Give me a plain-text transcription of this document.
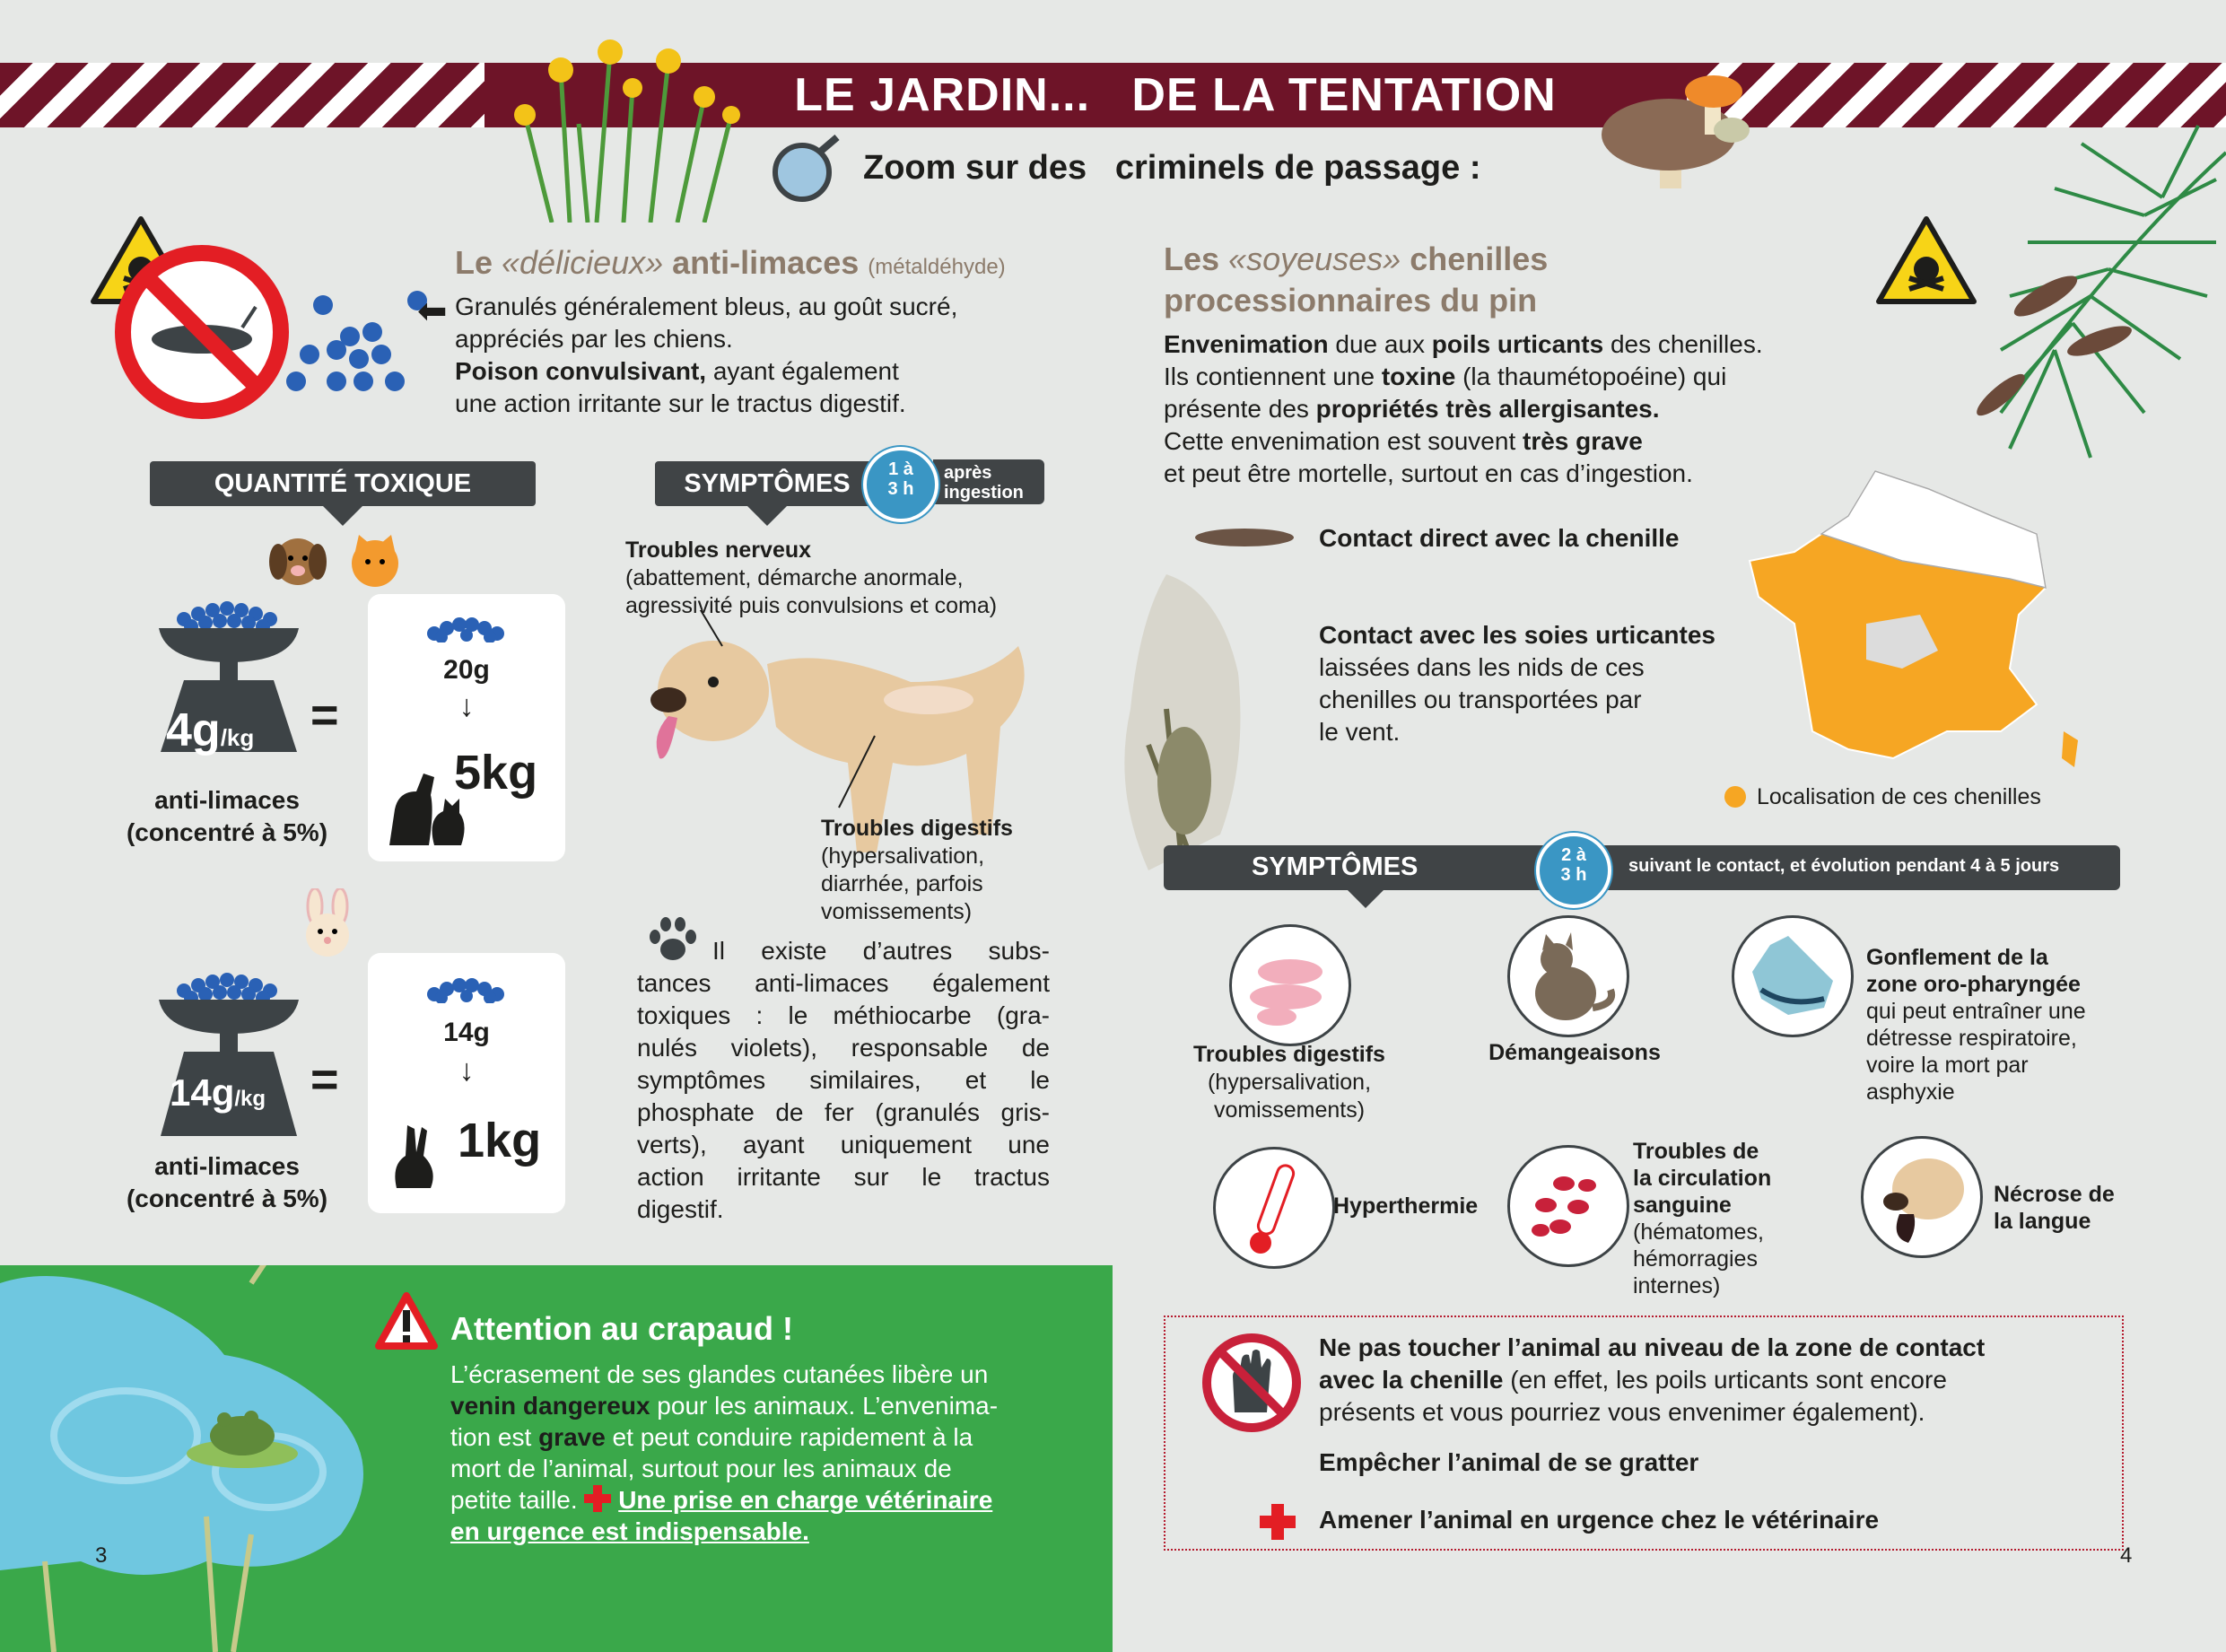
LE JARDIN...   DE LA TENTATION
Zoom sur des criminels de passage :
⬅
Le «délicieux» anti-limaces (métaldéhyde)
Granulés généralement bleus, au goût sucré,
appréciés par les chiens.
Poison convulsivant, ayant également
une action irritante sur le tractus digestif.
QUANTITÉ TOXIQUE
4g/kg
anti-limaces
(concentré à 5%)
=
20g
↓
5kg
14g/kg
anti-limaces
(concentré à 5%)
=
14g
↓
1kg
SYMPTÔMES	après
ingestion
1 à
3 h
Troubles nerveux
(abattement, démarche anormale,
agressivité puis convulsions et coma)
Troubles digestifs
(hypersalivation,
diarrhée, parfois
vomissements)
Il existe d’autres subs-
tances anti-limaces également
toxiques : le méthiocarbe (gra-
nulés violets), responsable de
symptômes similaires, et le
phosphate de fer (granulés gris-
verts), ayant uniquement une
action irritante sur le tractus
digestif.
Attention au crapaud !
L’écrasement de ses glandes cutanées libère un
venin dangereux pour les animaux. L’envenima-
tion est grave et peut conduire rapidement à la
mort de l’animal, surtout pour les animaux de
petite taille.
Une prise en charge vétérinaire
en urgence est indispensable.
3	4
Les «soyeuses» chenilles
processionnaires du pin
Envenimation due aux poils urticants des chenilles.
Ils contiennent une toxine (la thaumétopoéine) qui
présente des propriétés très allergisantes.
Cette envenimation est souvent très grave
et peut être mortelle, surtout en cas d’ingestion.
Contact direct avec la chenille
Contact avec les soies urticantes
laissées dans les nids de ces
chenilles ou transportées par
le vent.
Localisation de ces chenilles
SYMPTÔMES	2 à
3 h	suivant le contact, et évolution pendant 4 à 5 jours
Troubles digestifs
(hypersalivation,
vomissements)
Démangeaisons
Gonflement de la
zone oro-pharyngée
qui peut entraîner une
détresse respiratoire,
voire la mort par
asphyxie
Hyperthermie
Troubles de
la circulation
sanguine
(hématomes,
hémorragies
internes)
Nécrose de
la langue
Ne pas toucher l’animal au niveau de la zone de contact
avec la chenille (en effet, les poils urticants sont encore
présents et vous pourriez vous envenimer également).
Empêcher l’animal de se gratter
Amener l’animal en urgence chez le vétérinaire
